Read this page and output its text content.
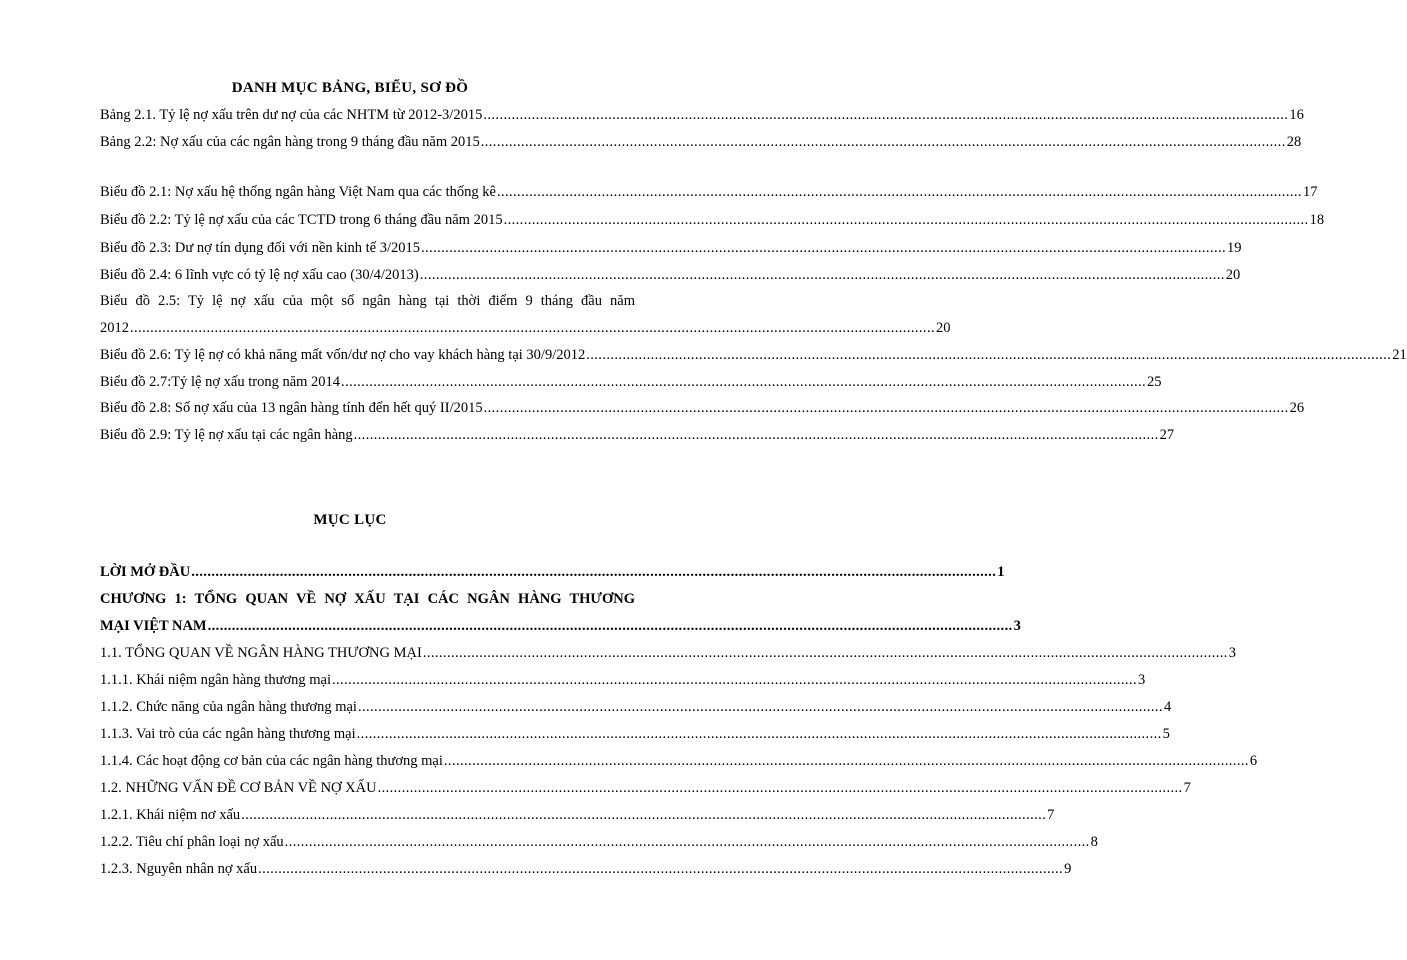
DANH MỤC BẢNG, BIỂU, SƠ ĐỒ
Bảng 2.1. Tỷ lệ nợ xấu trên dư nợ của các NHTM từ 2012-3/2015 ........................................................................................................................................................................................................ 16
Bảng 2.2: Nợ xấu của các ngân hàng trong 9 tháng đầu năm 2015 ........................................................................................................................................................................................................ 28
Biểu đồ 2.1: Nợ xấu hệ thống ngân hàng Việt Nam qua các thống kê ........................................................................................................................................................................................................ 17
Biểu đồ 2.2: Tỷ lệ nợ xấu của các TCTD trong 6 tháng đầu năm 2015 ........................................................................................................................................................................................................ 18
Biểu đồ 2.3: Dư nợ tín dụng đối với nền kinh tế 3/2015 ........................................................................................................................................................................................................ 19
Biểu đồ 2.4: 6 lĩnh vực có tỷ lệ nợ xấu cao (30/4/2013) ........................................................................................................................................................................................................ 20
Biểu đồ 2.5: Tỷ lệ nợ xấu của một số ngân hàng tại thời điểm 9 tháng đầu năm
2012 ........................................................................................................................................................................................................ 20
Biểu đồ 2.6: Tỷ lệ nợ có khả năng mất vốn/dư nợ cho vay khách hàng tại 30/9/2012 ........................................................................................................................................................................................................ 21
Biểu đồ 2.7:Tỷ lệ nợ xấu trong năm 2014 ........................................................................................................................................................................................................ 25
Biểu đồ 2.8: Số nợ xấu của 13 ngân hàng tính đến hết quý II/2015 ........................................................................................................................................................................................................ 26
Biểu đồ 2.9: Tỷ lệ nợ xấu tại các ngân hàng ........................................................................................................................................................................................................ 27
MỤC LỤC
LỜI MỞ ĐẦU ........................................................................................................................................................................................................ 1
CHƯƠNG 1: TỔNG QUAN VỀ NỢ XẤU TẠI CÁC NGÂN HÀNG THƯƠNG
MẠI VIỆT NAM ........................................................................................................................................................................................................ 3
1.1. TỔNG QUAN VỀ NGÂN HÀNG THƯƠNG MẠI ........................................................................................................................................................................................................ 3
1.1.1. Khái niệm ngân hàng thương mại ........................................................................................................................................................................................................ 3
1.1.2. Chức năng của ngân hàng thương mại ........................................................................................................................................................................................................ 4
1.1.3. Vai trò của các ngân hàng thương mại ........................................................................................................................................................................................................ 5
1.1.4. Các hoạt động cơ bản của các ngân hàng thương mại ........................................................................................................................................................................................................ 6
1.2. NHỮNG VẤN ĐỀ CƠ BẢN VỀ NỢ XẤU ........................................................................................................................................................................................................ 7
1.2.1. Khái niệm nơ xấu ........................................................................................................................................................................................................ 7
1.2.2. Tiêu chí phân loại nợ xấu ........................................................................................................................................................................................................ 8
1.2.3. Nguyên nhân nợ xấu ........................................................................................................................................................................................................ 9
